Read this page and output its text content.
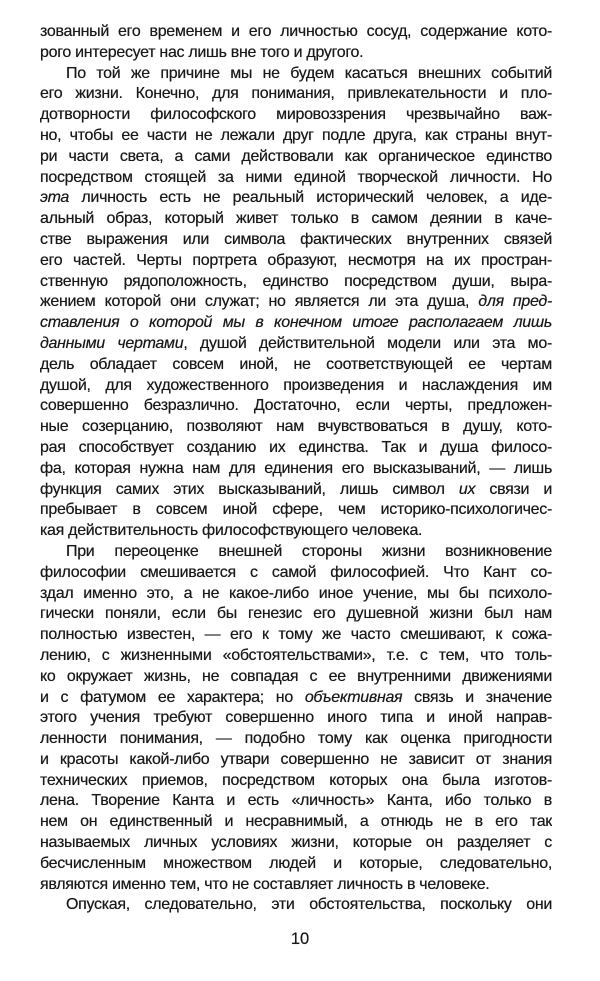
зованный его временем и его личностью сосуд, содержание кото-
рого интересует нас лишь вне того и другого.
По той же причине мы не будем касаться внешних событий
его жизни. Конечно, для понимания, привлекательности и пло-
дотворности философского мировоззрения чрезвычайно важ-
но, чтобы ее части не лежали друг подле друга, как страны внут-
ри части света, а сами действовали как органическое единство
посредством стоящей за ними единой творческой личности. Но
эта личность есть не реальный исторический человек, а иде-
альный образ, который живет только в самом деянии в каче-
стве выражения или символа фактических внутренних связей
его частей. Черты портрета образуют, несмотря на их простран-
ственную рядоположность, единство посредством души, выра-
жением которой они служат; но является ли эта душа, для пред-
ставления о которой мы в конечном итоге располагаем лишь
данными чертами, душой действительной модели или эта мо-
дель обладает совсем иной, не соответствующей ее чертам
душой, для художественного произведения и наслаждения им
совершенно безразлично. Достаточно, если черты, предложен-
ные созерцанию, позволяют нам вчувствоваться в душу, кото-
рая способствует созданию их единства. Так и душа филосо-
фа, которая нужна нам для единения его высказываний, — лишь
функция самих этих высказываний, лишь символ их связи и
пребывает в совсем иной сфере, чем историко-психологичес-
кая действительность философствующего человека.
При переоценке внешней стороны жизни возникновение
философии смешивается с самой философией. Что Кант со-
здал именно это, а не какое-либо иное учение, мы бы психоло-
гически поняли, если бы генезис его душевной жизни был нам
полностью известен, — его к тому же часто смешивают, к сожа-
лению, с жизненными «обстоятельствами», т.е. с тем, что толь-
ко окружает жизнь, не совпадая с ее внутренними движениями
и с фатумом ее характера; но объективная связь и значение
этого учения требуют совершенно иного типа и иной направ-
ленности понимания, — подобно тому как оценка пригодности
и красоты какой-либо утвари совершенно не зависит от знания
технических приемов, посредством которых она была изготов-
лена. Творение Канта и есть «личность» Канта, ибо только в
нем он единственный и несравнимый, а отнюдь не в его так
называемых личных условиях жизни, которые он разделяет с
бесчисленным множеством людей и которые, следовательно,
являются именно тем, что не составляет личность в человеке.
Опуская, следовательно, эти обстоятельства, поскольку они
10
